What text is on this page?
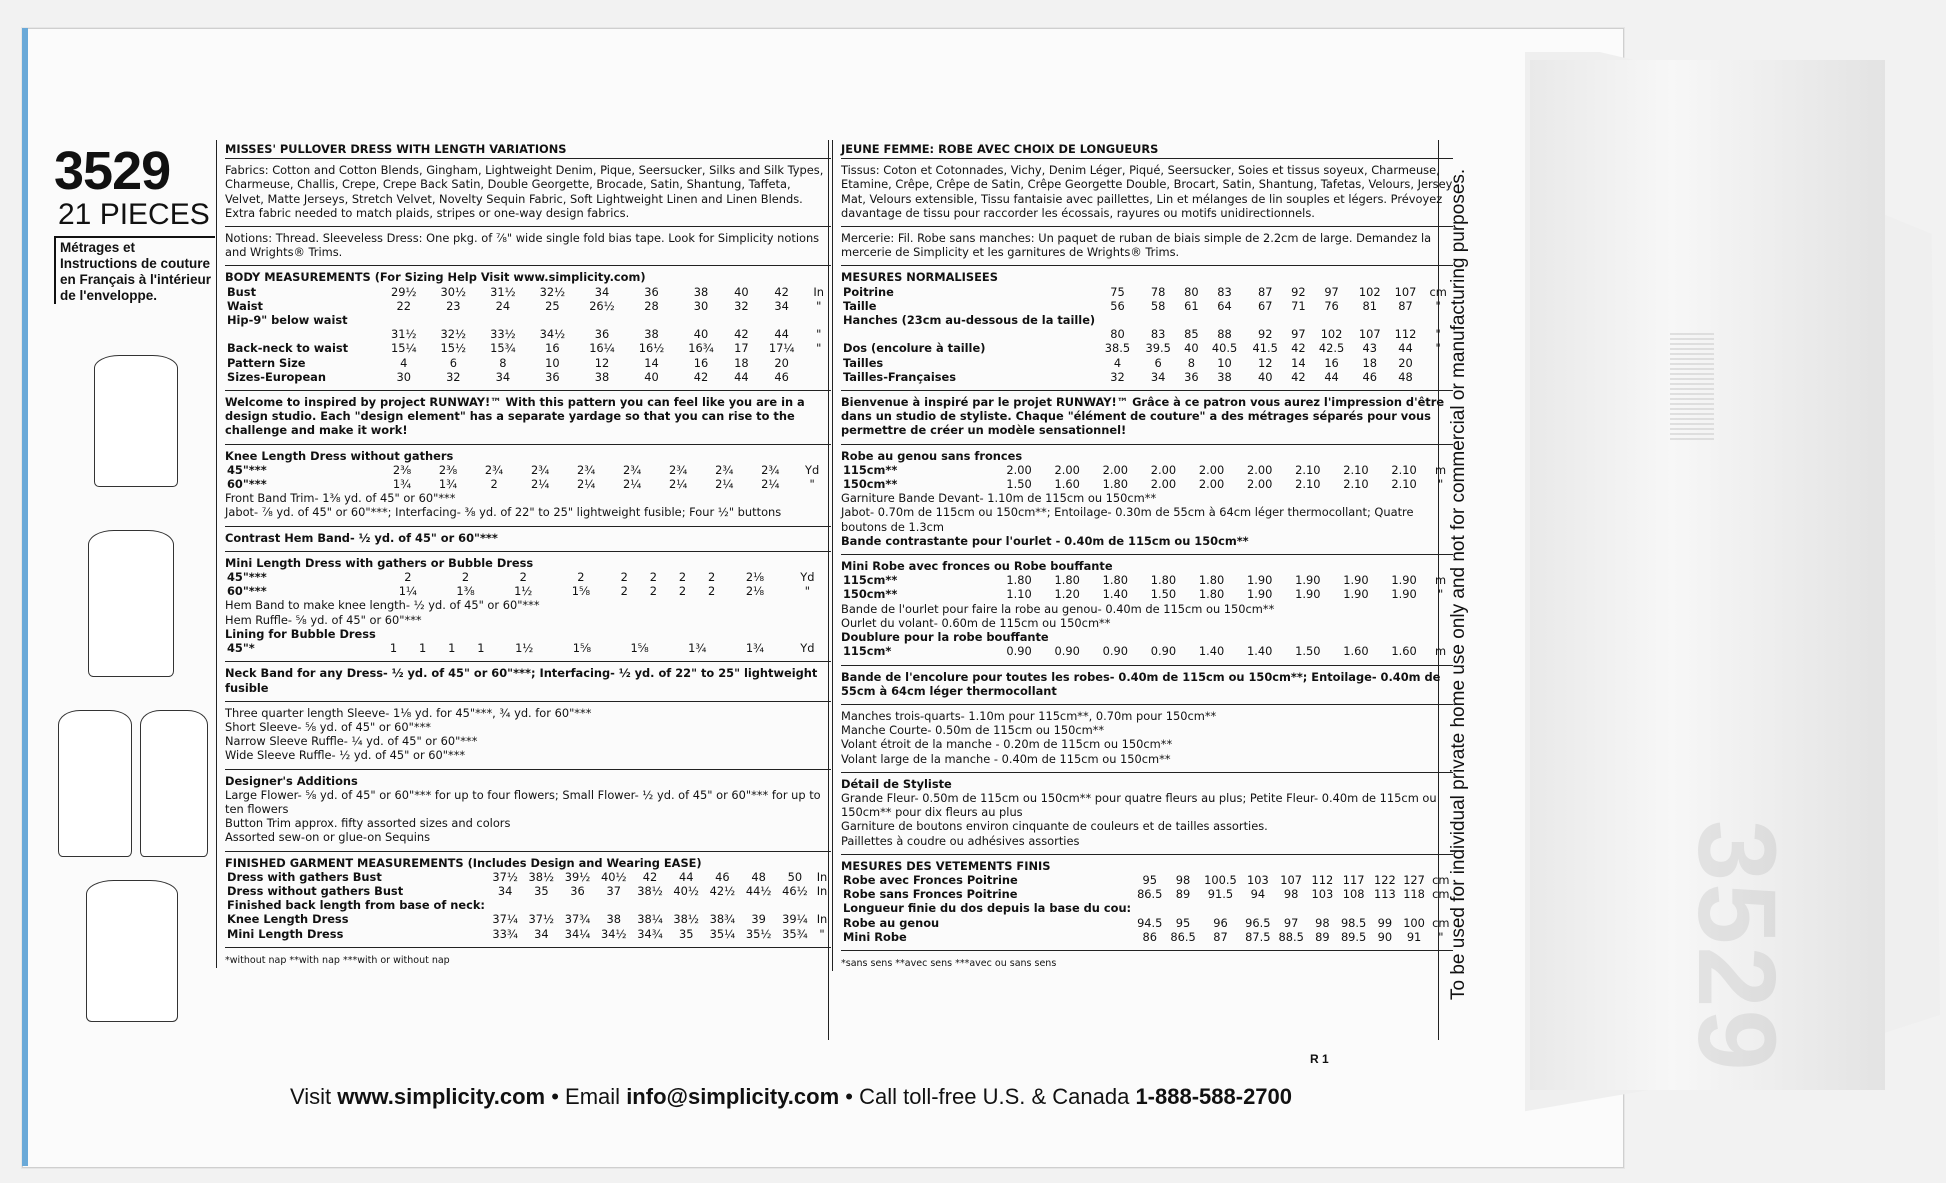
3529
3529
21 PIECES
Métrages et Instructions de couture en Français à l'intérieur de l'enveloppe.
MISSES' PULLOVER DRESS WITH LENGTH VARIATIONS
Fabrics: Cotton and Cotton Blends, Gingham, Lightweight Denim, Pique, Seersucker, Silks and Silk Types, Charmeuse, Challis, Crepe, Crepe Back Satin, Double Georgette, Brocade, Satin, Shantung, Taffeta, Velvet, Matte Jerseys, Stretch Velvet, Novelty Sequin Fabric, Soft Lightweight Linen and Linen Blends. Extra fabric needed to match plaids, stripes or one-way design fabrics.
Notions: Thread. Sleeveless Dress: One pkg. of ⅞" wide single fold bias tape. Look for Simplicity notions and Wrights® Trims.
BODY MEASUREMENTS (For Sizing Help Visit www.simplicity.com)
Bust	29½	30½	31½	32½	34	36	38	40	42	In
Waist	22	23	24	25	26½	28	30	32	34	"
Hip-9" below waist										
	31½	32½	33½	34½	36	38	40	42	44	"
Back-neck to waist	15¼	15½	15¾	16	16¼	16½	16¾	17	17¼	"
Pattern Size	4	6	8	10	12	14	16	18	20	
Sizes-European	30	32	34	36	38	40	42	44	46	
Welcome to inspired by project RUNWAY!™ With this pattern you can feel like you are in a design studio. Each "design element" has a separate yardage so that you can rise to the challenge and make it work!
Knee Length Dress without gathers
45"***	2⅜	2⅜	2¾	2¾	2¾	2¾	2¾	2¾	2¾	Yd
60"***	1¾	1¾	2	2¼	2¼	2¼	2¼	2¼	2¼	"
Front Band Trim- 1⅜ yd. of 45" or 60"***
Jabot- ⅞ yd. of 45" or 60"***; Interfacing- ⅜ yd. of 22" to 25" lightweight fusible; Four ½" buttons
Contrast Hem Band- ½ yd. of 45" or 60"***
Mini Length Dress with gathers or Bubble Dress
45"***	2	2	2	2	2	2	2	2	2⅛	Yd
60"***	1¼	1⅜	1½	1⅝	2	2	2	2	2⅛	"
Hem Band to make knee length- ½ yd. of 45" or 60"***
Hem Ruffle- ⅝ yd. of 45" or 60"***
Lining for Bubble Dress
45"*	1	1	1	1	1½	1⅝	1⅝	1¾	1¾	Yd
Neck Band for any Dress- ½ yd. of 45" or 60"***; Interfacing- ½ yd. of 22" to 25" lightweight fusible
Three quarter length Sleeve- 1⅛ yd. for 45"***, ¾ yd. for 60"***
Short Sleeve- ⅝ yd. of 45" or 60"***
Narrow Sleeve Ruffle- ¼ yd. of 45" or 60"***
Wide Sleeve Ruffle- ½ yd. of 45" or 60"***
Designer's Additions
Large Flower- ⅝ yd. of 45" or 60"*** for up to four flowers; Small Flower- ½ yd. of 45" or 60"*** for up to ten flowers
Button Trim approx. fifty assorted sizes and colors
Assorted sew-on or glue-on Sequins
FINISHED GARMENT MEASUREMENTS (Includes Design and Wearing EASE)
Dress with gathers Bust	37½	38½	39½	40½	42	44	46	48	50	In
Dress without gathers Bust	34	35	36	37	38½	40½	42½	44½	46½	In
Finished back length from base of neck:										
Knee Length Dress	37¼	37½	37¾	38	38¼	38½	38¾	39	39¼	In
Mini Length Dress	33¾	34	34¼	34½	34¾	35	35¼	35½	35¾	"
*without nap **with nap ***with or without nap
JEUNE FEMME: ROBE AVEC CHOIX DE LONGUEURS
Tissus: Coton et Cotonnades, Vichy, Denim Léger, Piqué, Seersucker, Soies et tissus soyeux, Charmeuse, Etamine, Crêpe, Crêpe de Satin, Crêpe Georgette Double, Brocart, Satin, Shantung, Tafetas, Velours, Jersey Mat, Velours extensible, Tissu fantaisie avec paillettes, Lin et mélanges de lin souples et légers. Prévoyez davantage de tissu pour raccorder les écossais, rayures ou motifs unidirectionnels.
Mercerie: Fil. Robe sans manches: Un paquet de ruban de biais simple de 2.2cm de large. Demandez la mercerie de Simplicity et les garnitures de Wrights® Trims.
MESURES NORMALISEES
Poitrine	75	78	80	83	87	92	97	102	107	cm
Taille	56	58	61	64	67	71	76	81	87	"
Hanches (23cm au-dessous de la taille)										
	80	83	85	88	92	97	102	107	112	"
Dos (encolure à taille)	38.5	39.5	40	40.5	41.5	42	42.5	43	44	"
Tailles	4	6	8	10	12	14	16	18	20	
Tailles-Françaises	32	34	36	38	40	42	44	46	48	
Bienvenue à inspiré par le projet RUNWAY!™ Grâce à ce patron vous aurez l'impression d'être dans un studio de styliste. Chaque "élément de couture" a des métrages séparés pour vous permettre de créer un modèle sensationnel!
Robe au genou sans fronces
115cm**	2.00	2.00	2.00	2.00	2.00	2.00	2.10	2.10	2.10	m
150cm**	1.50	1.60	1.80	2.00	2.00	2.00	2.10	2.10	2.10	"
Garniture Bande Devant- 1.10m de 115cm ou 150cm**
Jabot- 0.70m de 115cm ou 150cm**; Entoilage- 0.30m de 55cm à 64cm léger thermocollant; Quatre boutons de 1.3cm
Bande contrastante pour l'ourlet - 0.40m de 115cm ou 150cm**
Mini Robe avec fronces ou Robe bouffante
115cm**	1.80	1.80	1.80	1.80	1.80	1.90	1.90	1.90	1.90	m
150cm**	1.10	1.20	1.40	1.50	1.80	1.90	1.90	1.90	1.90	"
Bande de l'ourlet pour faire la robe au genou- 0.40m de 115cm ou 150cm**
Ourlet du volant- 0.60m de 115cm ou 150cm**
Doublure pour la robe bouffante
115cm*	0.90	0.90	0.90	0.90	1.40	1.40	1.50	1.60	1.60	m
Bande de l'encolure pour toutes les robes- 0.40m de 115cm ou 150cm**; Entoilage- 0.40m de 55cm à 64cm léger thermocollant
Manches trois-quarts- 1.10m pour 115cm**, 0.70m pour 150cm**
Manche Courte- 0.50m de 115cm ou 150cm**
Volant étroit de la manche - 0.20m de 115cm ou 150cm**
Volant large de la manche - 0.40m de 115cm ou 150cm**
Détail de Styliste
Grande Fleur- 0.50m de 115cm ou 150cm** pour quatre fleurs au plus; Petite Fleur- 0.40m de 115cm ou 150cm** pour dix fleurs au plus
Garniture de boutons environ cinquante de couleurs et de tailles assorties.
Paillettes à coudre ou adhésives assorties
MESURES DES VETEMENTS FINIS
Robe avec Fronces Poitrine	95	98	100.5	103	107	112	117	122	127	cm
Robe sans Fronces Poitrine	86.5	89	91.5	94	98	103	108	113	118	cm
Longueur finie du dos depuis la base du cou:										
Robe au genou	94.5	95	96	96.5	97	98	98.5	99	100	cm
Mini Robe	86	86.5	87	87.5	88.5	89	89.5	90	91	"
*sans sens **avec sens ***avec ou sans sens	To be used for individual private home use only and not for commercial or manufacturing purposes.
R 1
Visit www.simplicity.com • Email info@simplicity.com • Call toll-free U.S. & Canada 1-888-588-2700
